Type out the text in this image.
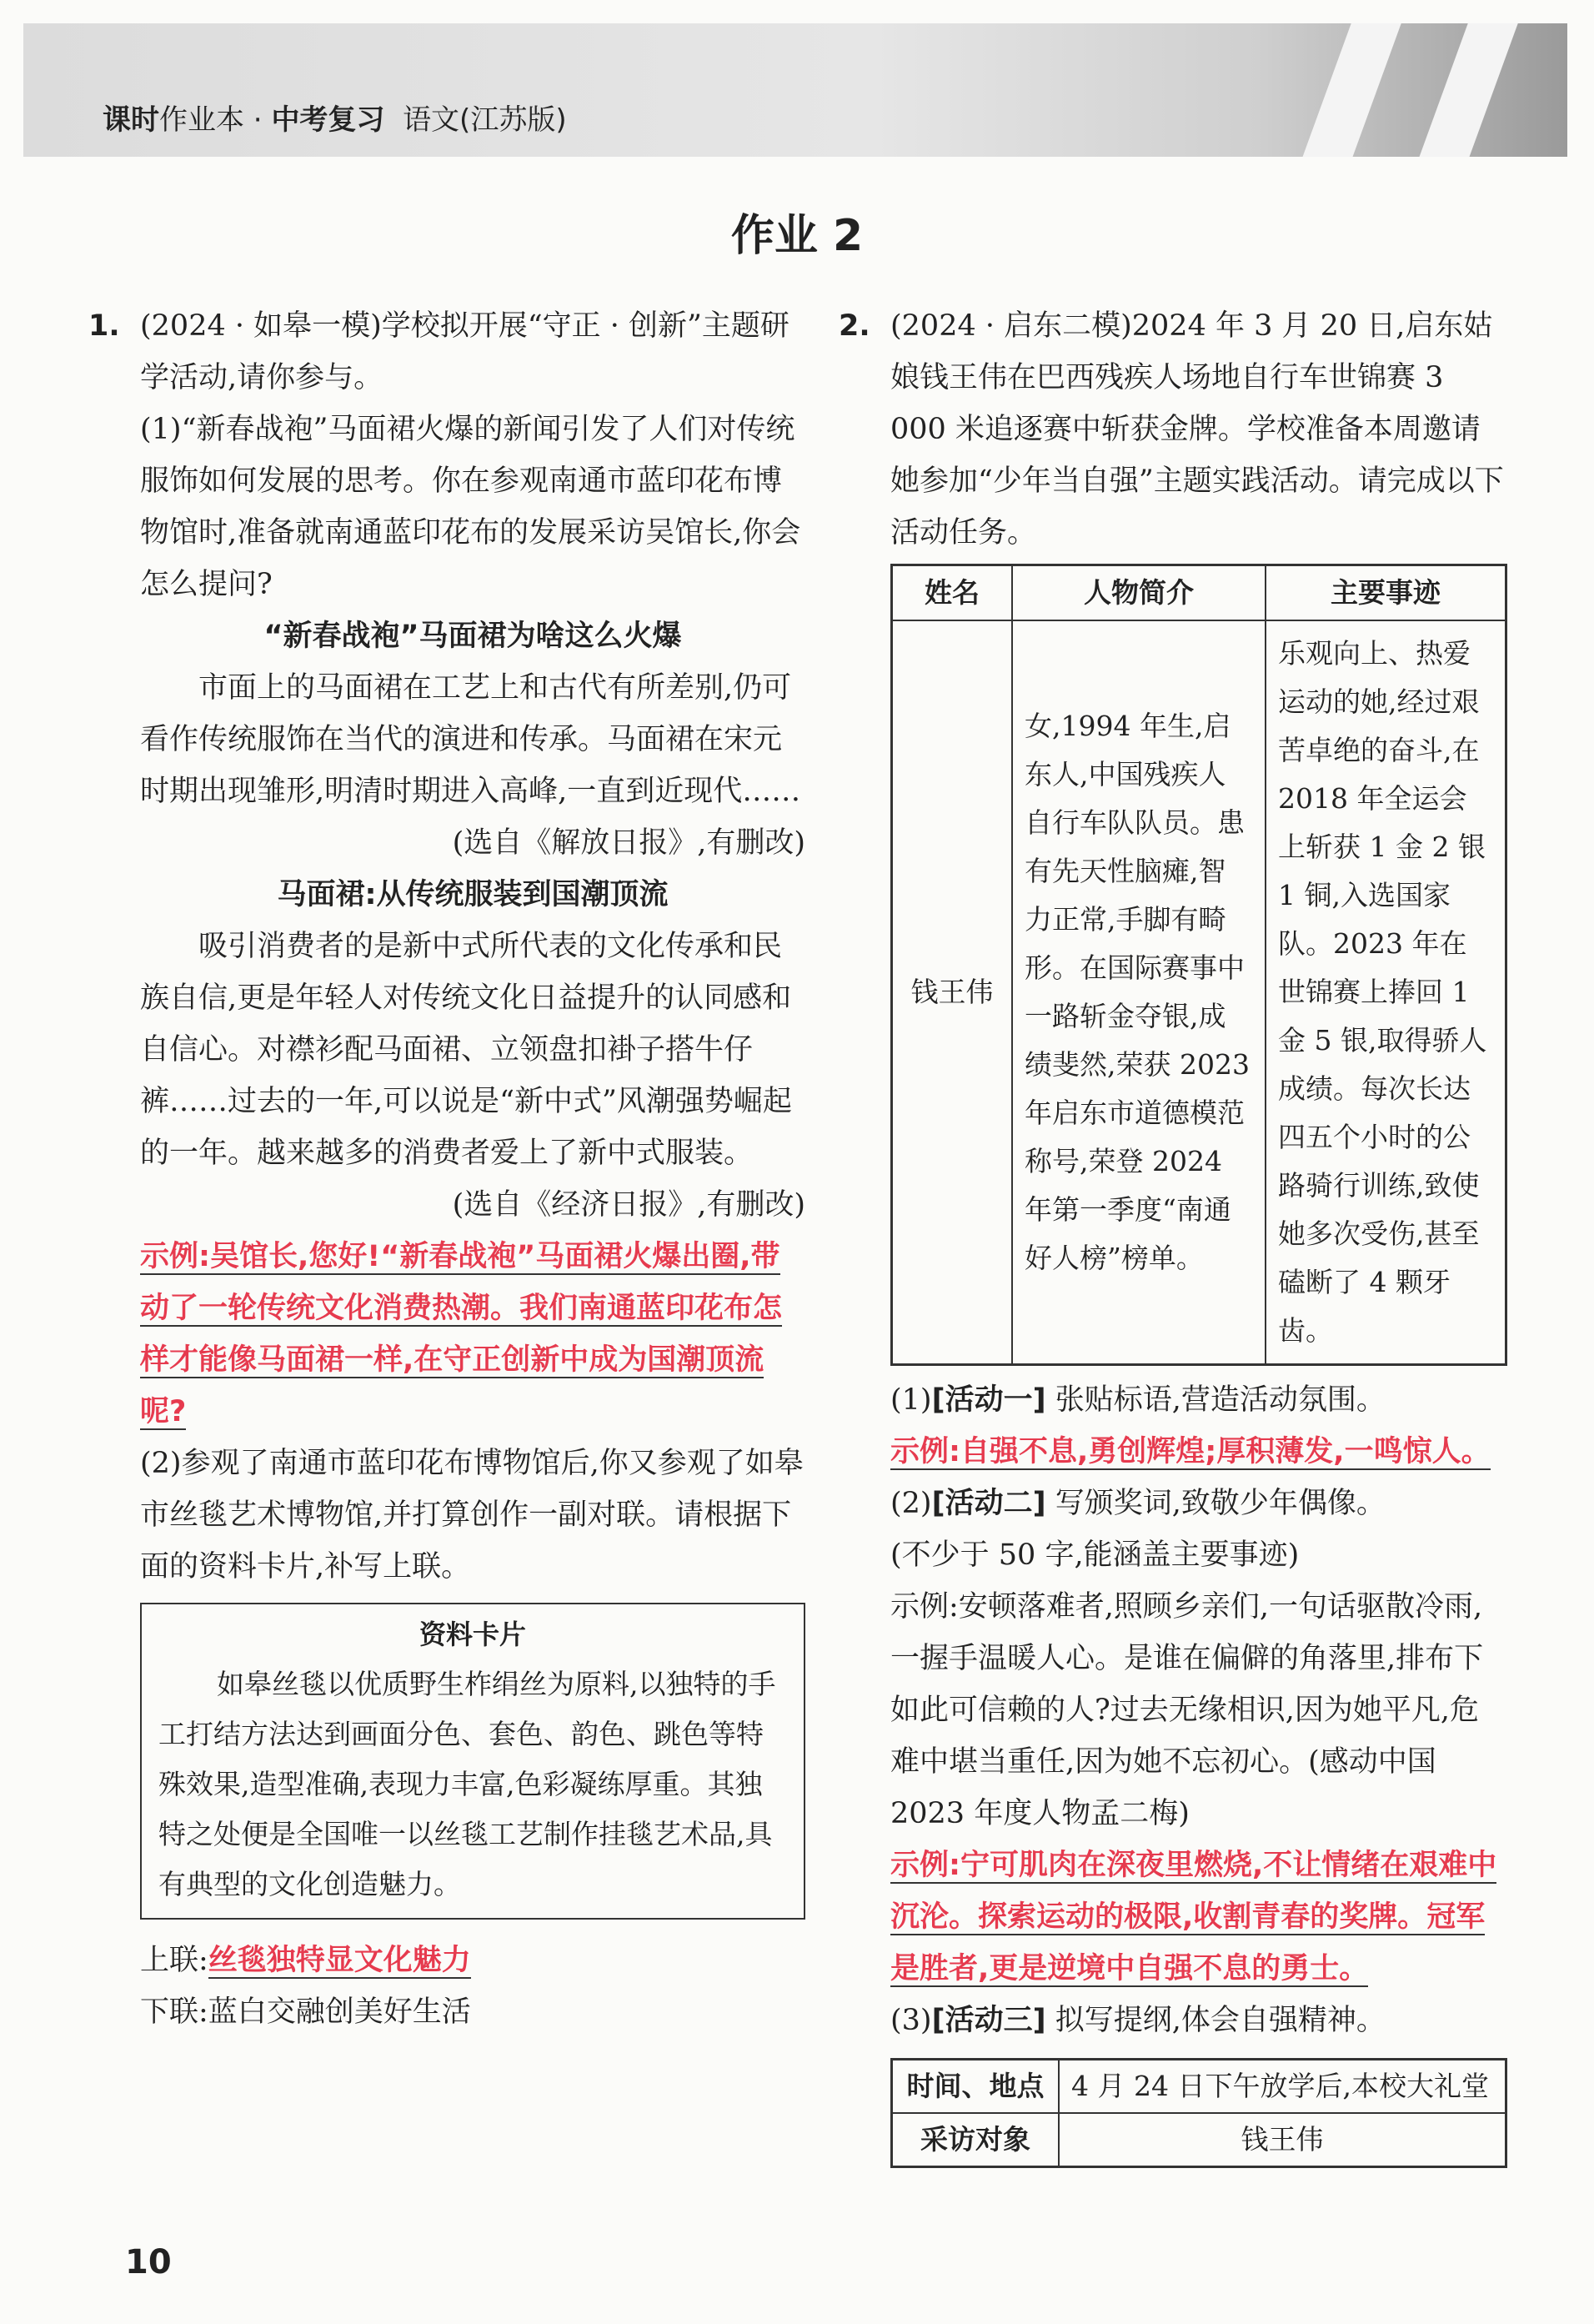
课时作业本 · 中考复习 语文(江苏版)
作业 2
1. (2024 · 如皋一模)学校拟开展“守正 · 创新”主题研学活动,请你参与。

(1)“新春战袍”马面裙火爆的新闻引发了人们对传统服饰如何发展的思考。你在参观南通市蓝印花布博物馆时,准备就南通蓝印花布的发展采访吴馆长,你会怎么提问?

“新春战袍”马面裙为啥这么火爆

市面上的马面裙在工艺上和古代有所差别,仍可看作传统服饰在当代的演进和传承。马面裙在宋元时期出现雏形,明清时期进入高峰,一直到近现代……

(选自《解放日报》,有删改)

马面裙:从传统服装到国潮顶流

吸引消费者的是新中式所代表的文化传承和民族自信,更是年轻人对传统文化日益提升的认同感和自信心。对襟衫配马面裙、立领盘扣褂子搭牛仔裤……过去的一年,可以说是“新中式”风潮强势崛起的一年。越来越多的消费者爱上了新中式服装。

(选自《经济日报》,有删改)

示例:吴馆长,您好!“新春战袍”马面裙火爆出圈,带动了一轮传统文化消费热潮。我们南通蓝印花布怎样才能像马面裙一样,在守正创新中成为国潮顶流呢?

(2)参观了南通市蓝印花布博物馆后,你又参观了如皋市丝毯艺术博物馆,并打算创作一副对联。请根据下面的资料卡片,补写上联。

资料卡片
如皋丝毯以优质野生柞绢丝为原料,以独特的手工打结方法达到画面分色、套色、韵色、跳色等特殊效果,造型准确,表现力丰富,色彩凝练厚重。其独特之处便是全国唯一以丝毯工艺制作挂毯艺术品,具有典型的文化创造魅力。

上联:丝毯独特显文化魅力

下联:蓝白交融创美好生活

2. (2024 · 启东二模)2024 年 3 月 20 日,启东姑娘钱王伟在巴西残疾人场地自行车世锦赛 3 000 米追逐赛中斩获金牌。学校准备本周邀请她参加“少年当自强”主题实践活动。请完成以下活动任务。

姓名	人物简介	主要事迹
钱王伟	女,1994 年生,启东人,中国残疾人自行车队队员。患有先天性脑瘫,智力正常,手脚有畸形。在国际赛事中一路斩金夺银,成绩斐然,荣获 2023 年启东市道德模范称号,荣登 2024 年第一季度“南通好人榜”榜单。	乐观向上、热爱运动的她,经过艰苦卓绝的奋斗,在 2018 年全运会上斩获 1 金 2 银 1 铜,入选国家队。2023 年在世锦赛上捧回 1 金 5 银,取得骄人成绩。每次长达四五个小时的公路骑行训练,致使她多次受伤,甚至磕断了 4 颗牙齿。

(1)[活动一] 张贴标语,营造活动氛围。

示例:自强不息,勇创辉煌;厚积薄发,一鸣惊人。

(2)[活动二] 写颁奖词,致敬少年偶像。

(不少于 50 字,能涵盖主要事迹)

示例:安顿落难者,照顾乡亲们,一句话驱散冷雨,一握手温暖人心。是谁在偏僻的角落里,排布下如此可信赖的人?过去无缘相识,因为她平凡,危难中堪当重任,因为她不忘初心。(感动中国 2023 年度人物孟二梅)

示例:宁可肌肉在深夜里燃烧,不让情绪在艰难中沉沦。探索运动的极限,收割青春的奖牌。冠军是胜者,更是逆境中自强不息的勇士。

(3)[活动三] 拟写提纲,体会自强精神。

时间、地点	4 月 24 日下午放学后,本校大礼堂
采访对象	钱王伟
10
